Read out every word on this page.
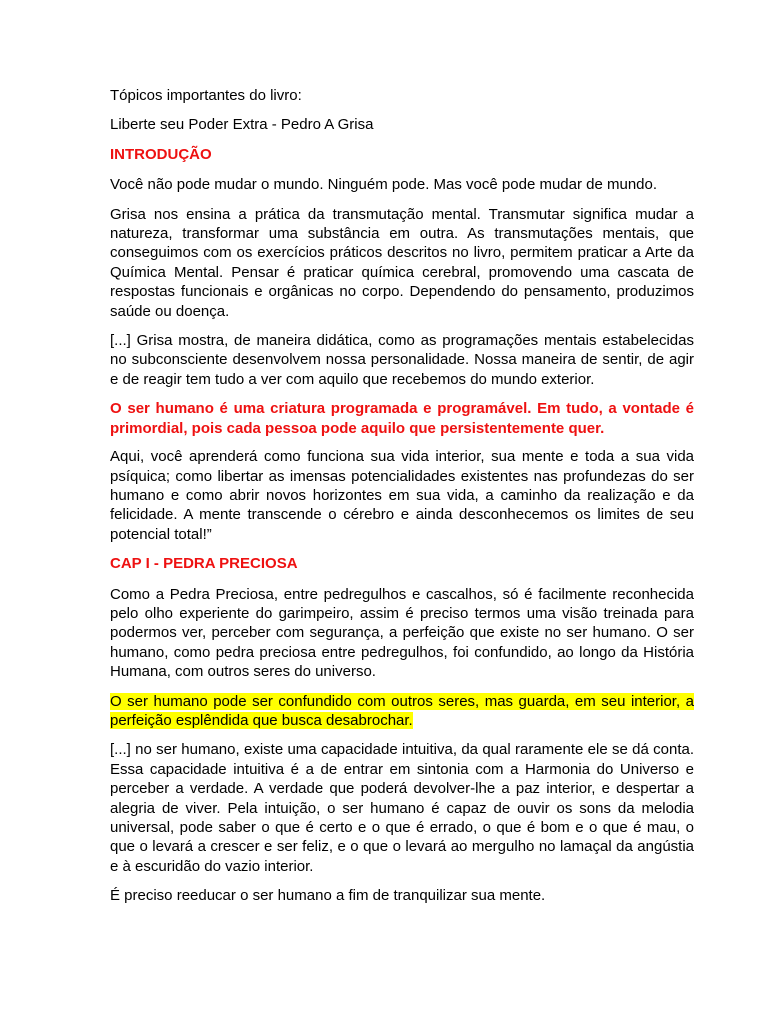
Tópicos importantes do livro:

Liberte seu Poder Extra - Pedro A Grisa

INTRODUÇÃO

Você não pode mudar o mundo. Ninguém pode. Mas você pode mudar de mundo.

Grisa nos ensina a prática da transmutação mental. Transmutar significa mudar a natureza, transformar uma substância em outra. As transmutações mentais, que conseguimos com os exercícios práticos descritos no livro, permitem praticar a Arte da Química Mental. Pensar é praticar química cerebral, promovendo uma cascata de respostas funcionais e orgânicas no corpo. Dependendo do pensamento, produzimos saúde ou doença.

[...] Grisa mostra, de maneira didática, como as programações mentais estabelecidas no subconsciente desenvolvem nossa personalidade. Nossa maneira de sentir, de agir e de reagir tem tudo a ver com aquilo que recebemos do mundo exterior.

O ser humano é uma criatura programada e programável. Em tudo, a vontade é primordial, pois cada pessoa pode aquilo que persistentemente quer.

Aqui, você aprenderá como funciona sua vida interior, sua mente e toda a sua vida psíquica; como libertar as imensas potencialidades existentes nas profundezas do ser humano e como abrir novos horizontes em sua vida, a caminho da realização e da felicidade. A mente transcende o cérebro e ainda desconhecemos os limites de seu potencial total!”

CAP I - PEDRA PRECIOSA

Como a Pedra Preciosa, entre pedregulhos e cascalhos, só é facilmente reconhecida pelo olho experiente do garimpeiro, assim é preciso termos uma visão treinada para podermos ver, perceber com segurança, a perfeição que existe no ser humano. O ser humano, como pedra preciosa entre pedregulhos, foi confundido, ao longo da História Humana, com outros seres do universo.

O ser humano pode ser confundido com outros seres, mas guarda, em seu interior, a perfeição esplêndida que busca desabrochar.

[...] no ser humano, existe uma capacidade intuitiva, da qual raramente ele se dá conta. Essa capacidade intuitiva é a de entrar em sintonia com a Harmonia do Universo e perceber a verdade. A verdade que poderá devolver-lhe a paz interior, e despertar a alegria de viver. Pela intuição, o ser humano é capaz de ouvir os sons da melodia universal, pode saber o que é certo e o que é errado, o que é bom e o que é mau, o que o levará a crescer e ser feliz, e o que o levará ao mergulho no lamaçal da angústia e à escuridão do vazio interior.

É preciso reeducar o ser humano a fim de tranquilizar sua mente.
